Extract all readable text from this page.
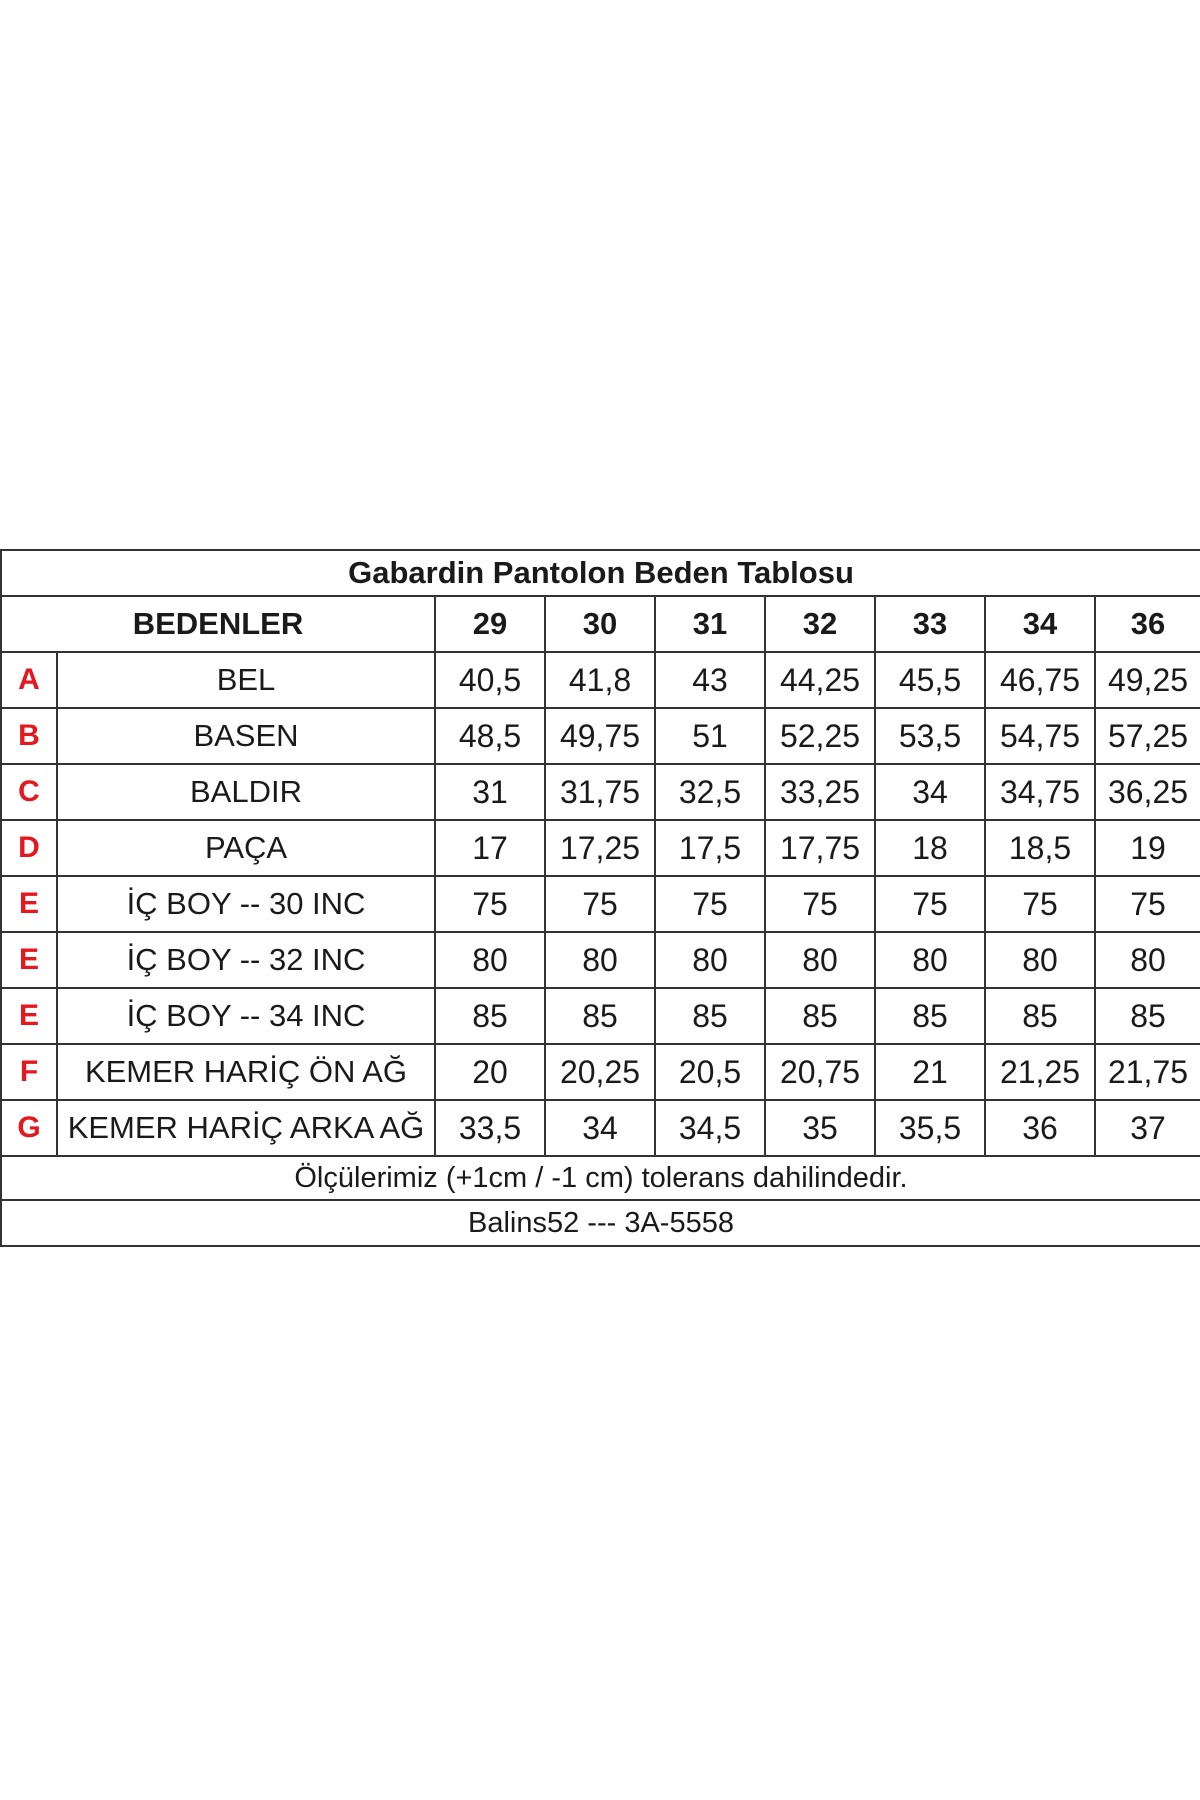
Gabardin Pantolon Beden Tablosu								
BEDENLER		29	30	31	32	33	34	36
A	BEL	40,5	41,8	43	44,25	45,5	46,75	49,25
B	BASEN	48,5	49,75	51	52,25	53,5	54,75	57,25
C	BALDIR	31	31,75	32,5	33,25	34	34,75	36,25
D	PAÇA	17	17,25	17,5	17,75	18	18,5	19
E	İÇ BOY -- 30 INC	75	75	75	75	75	75	75
E	İÇ BOY -- 32 INC	80	80	80	80	80	80	80
E	İÇ BOY -- 34 INC	85	85	85	85	85	85	85
F	KEMER HARİÇ ÖN AĞ	20	20,25	20,5	20,75	21	21,25	21,75
G	KEMER HARİÇ ARKA AĞ	33,5	34	34,5	35	35,5	36	37
Ölçülerimiz (+1cm / -1 cm) tolerans dahilindedir.								
Balins52 --- 3A-5558								
